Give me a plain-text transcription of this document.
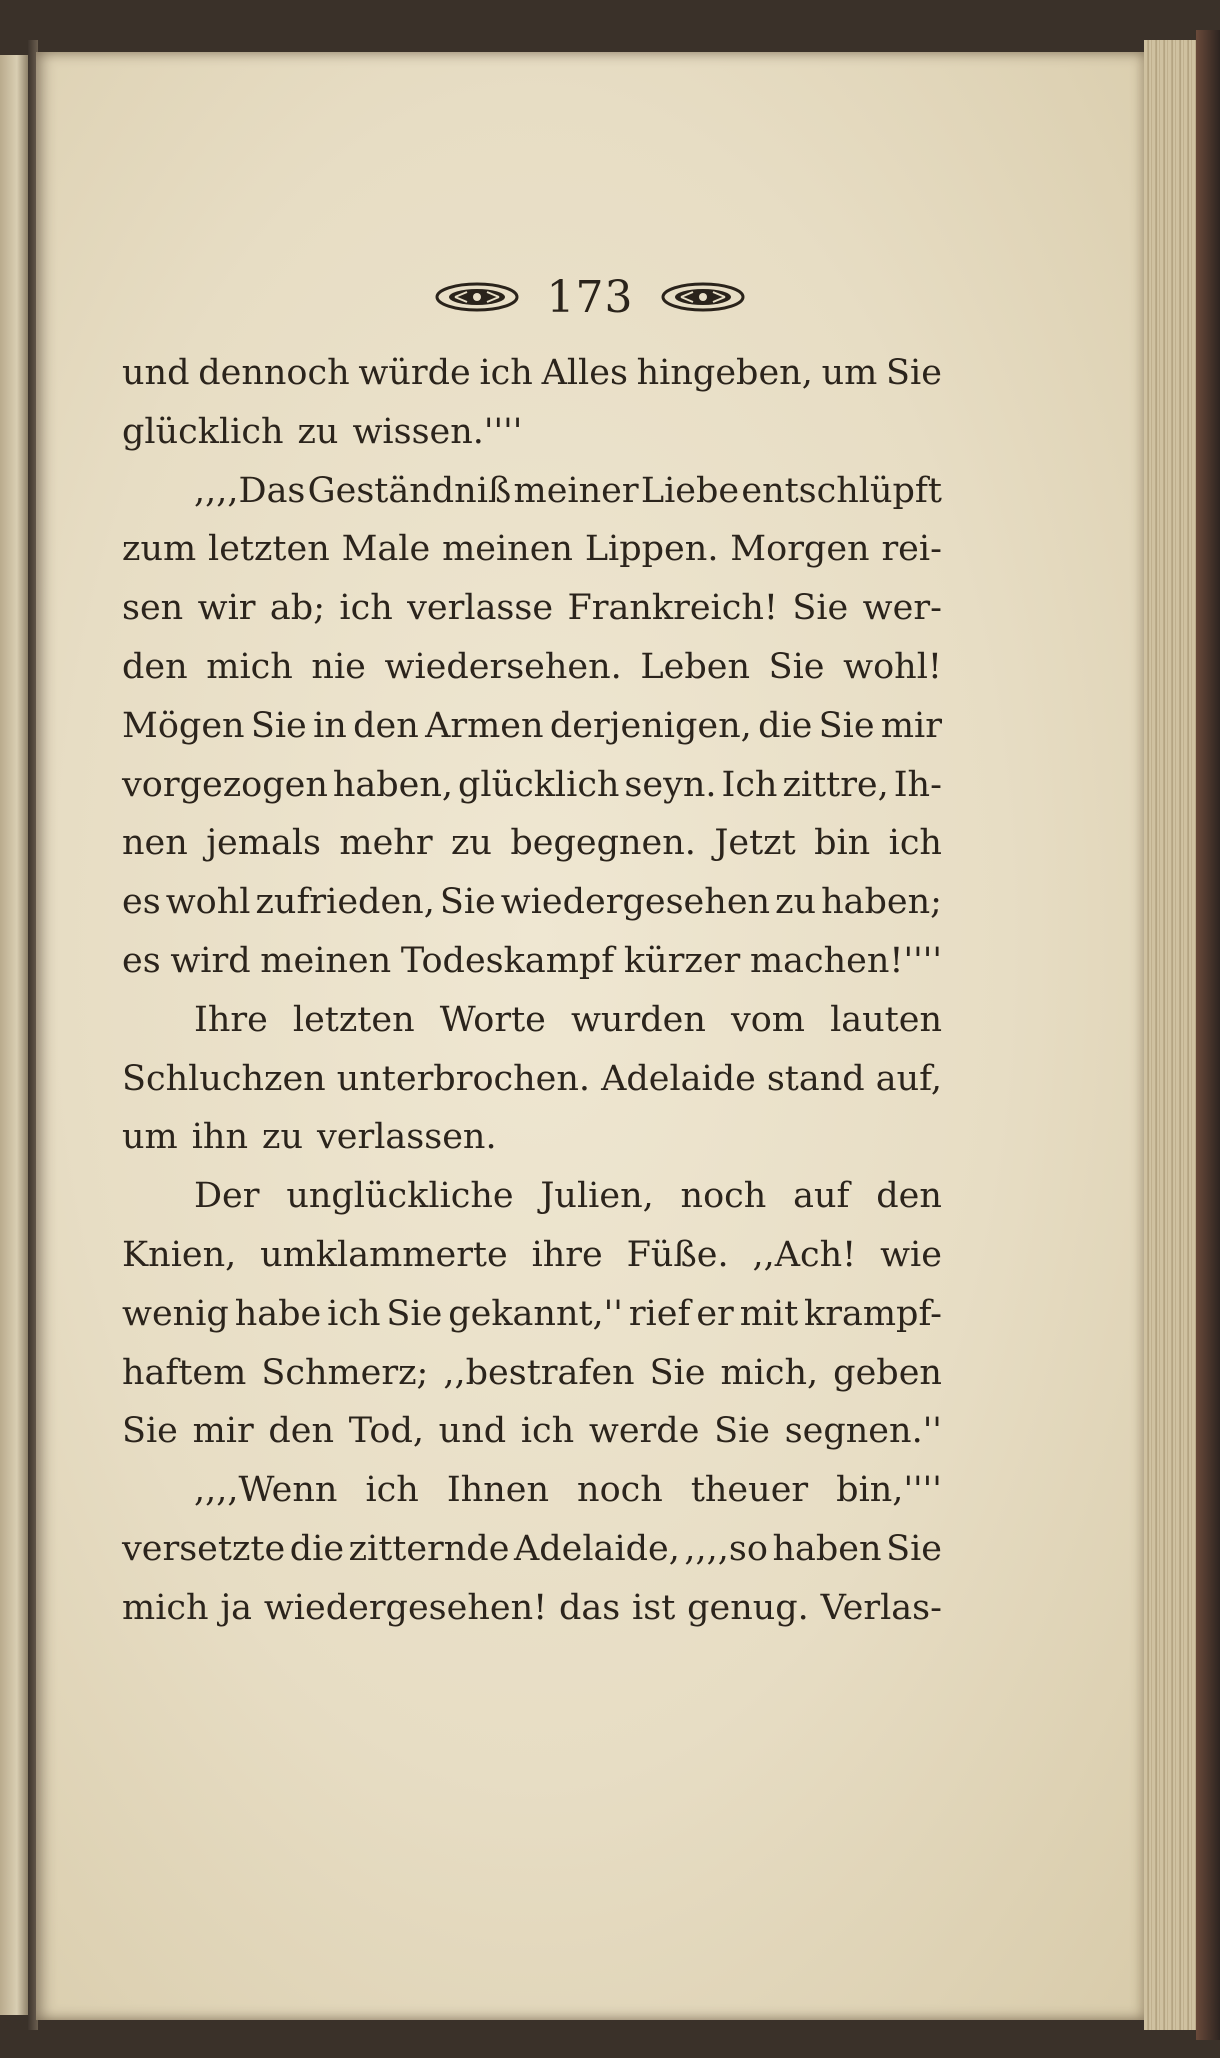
173
und dennoch würde ich Alles hingeben, um Sie
glücklich zu wissen.''''
,,,,Das Geständniß meiner Liebe entschlüpft
zum letzten Male meinen Lippen. Morgen rei-
sen wir ab; ich verlasse Frankreich! Sie wer-
den mich nie wiedersehen. Leben Sie wohl!
Mögen Sie in den Armen derjenigen, die Sie mir
vorgezogen haben, glücklich seyn. Ich zittre, Ih-
nen jemals mehr zu begegnen. Jetzt bin ich
es wohl zufrieden, Sie wiedergesehen zu haben;
es wird meinen Todeskampf kürzer machen!''''
Ihre letzten Worte wurden vom lauten
Schluchzen unterbrochen. Adelaide stand auf,
um ihn zu verlassen.
Der unglückliche Julien, noch auf den
Knien, umklammerte ihre Füße. ,,Ach! wie
wenig habe ich Sie gekannt,'' rief er mit krampf-
haftem Schmerz; ,,bestrafen Sie mich, geben
Sie mir den Tod, und ich werde Sie segnen.''
,,,,Wenn ich Ihnen noch theuer bin,''''
versetzte die zitternde Adelaide, ,,,,so haben Sie
mich ja wiedergesehen! das ist genug. Verlas-
